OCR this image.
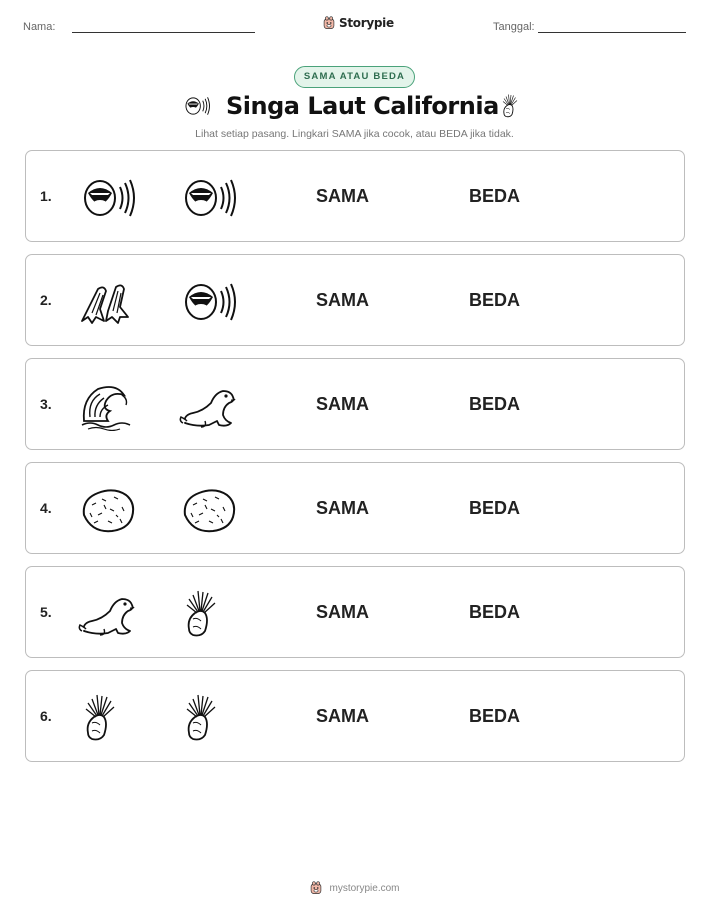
Nama:	Storypie	Tanggal:
SAMA ATAU BEDA
Singa Laut California

Lihat setiap pasang. Lingkari SAMA jika cocok, atau BEDA jika tidak.

1.	SAMA	BEDA
2.	SAMA	BEDA
3.	SAMA	BEDA
4.	SAMA	BEDA
5.	SAMA	BEDA
6.	SAMA	BEDA
mystorypie.com
